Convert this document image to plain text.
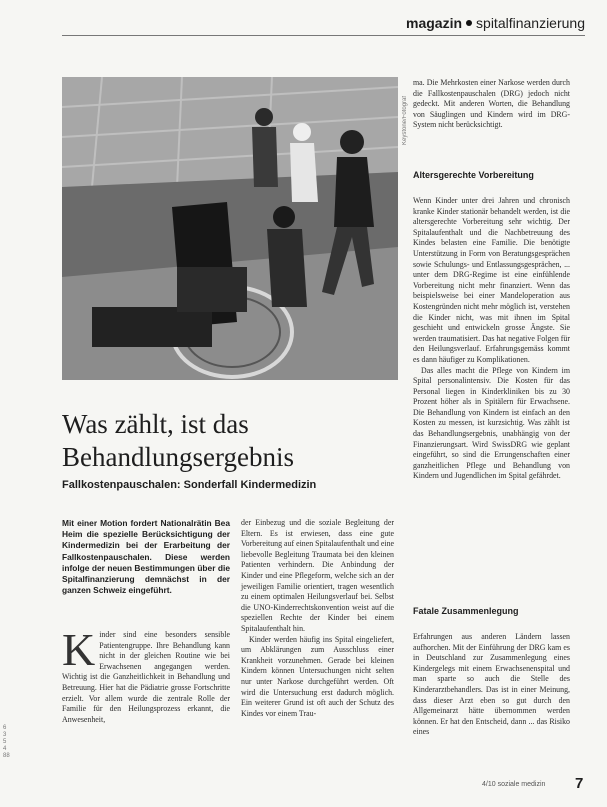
magazin spitalfinanzierung
Keystone/Fotograf
Was zählt, ist das Behandlungsergebnis
Fallkostenpauschalen: Sonderfall Kindermedizin
Mit einer Motion fordert Nationalrätin Bea Heim die spezielle Berücksichtigung der Kindermedizin bei der Erarbeitung der Fallkostenpauschalen. Diese werden infolge der neuen Bestimmungen über die Spitalfinanzierung demnächst in der ganzen Schweiz eingeführt.
K inder sind eine besonders sensible Patientengruppe. Ihre Behandlung kann nicht in der gleichen Routine wie bei Erwachsenen angegangen werden. Wichtig ist die Ganzheitlichkeit in Behandlung und Betreuung. Hier hat die Pädiatrie grosse Fortschritte erzielt. Vor allem wurde die zentrale Rolle der Familie für den Heilungsprozess erkannt, die Anwesenheit,

der Einbezug und die soziale Begleitung der Eltern. Es ist erwiesen, dass eine gute Vorbereitung auf einen Spitalaufenthalt und eine liebevolle Begleitung Traumata bei den kleinen Patienten verhindern. Die Anbindung der Kinder und eine Pflegeform, welche sich an der jeweiligen Familie orientiert, tragen wesentlich zu einem optimalen Heilungsverlauf bei. Selbst die UNO-Kinderrechtskonvention weist auf die speziellen Rechte der Kinder bei einem Spitalaufenthalt hin.

Kinder werden häufig ins Spital eingeliefert, um Abklärungen zum Ausschluss einer Krankheit vorzunehmen. Gerade bei kleinen Kindern können Untersuchungen nicht selten nur unter Narkose durchgeführt werden. Oft wird die Untersuchung erst dadurch möglich. Ein weiterer Grund ist oft auch der Schutz des Kindes vor einem Trau-

ma. Die Mehrkosten einer Narkose werden durch die Fallkostenpauschalen (DRG) jedoch nicht gedeckt. Mit anderen Worten, die Behandlung von Säuglingen und Kindern wird im DRG-System nicht berücksichtigt.

Altersgerechte Vorbereitung

Wenn Kinder unter drei Jahren und chronisch kranke Kinder stationär behandelt werden, ist die altersgerechte Vorbereitung sehr wichtig. Der Spitalaufenthalt und die Nachbetreuung des Kindes belasten eine Familie. Die benötigte Unterstützung in Form von Beratungsgesprächen sowie Schulungs- und Entlassungsgesprächen, ... unter dem DRG-Regime ist eine einfühlende Vorbereitung nicht mehr finanziert. Wenn das beispielsweise bei einer Mandeloperation aus Kostengründen nicht mehr möglich ist, verstehen die Kinder nicht, was mit ihnen im Spital geschieht und entwickeln grosse Ängste. Sie werden traumatisiert. Das hat negative Folgen für den Heilungsverlauf. Erfahrungsgemäss kommt es dann häufiger zu Komplikationen.

Das alles macht die Pflege von Kindern im Spital personalintensiv. Die Kosten für das Personal liegen in Kinderkliniken bis zu 30 Prozent höher als in Spitälern für Erwachsene. Die Behandlung von Kindern ist einfach an den Kosten zu messen, ist kurzsichtig. Was zählt ist das Behandlungsergebnis, unabhängig von der Finanzierungsart. Wird SwissDRG wie geplant eingeführt, so sind die Errungenschaften einer ganzheitlichen Pflege und Behandlung von Kindern und Jugendlichen im Spital gefährdet.

Fatale Zusammenlegung

Erfahrungen aus anderen Ländern lassen aufhorchen. Mit der Einführung der DRG kam es in Deutschland zur Zusammenlegung eines Kindergelegs mit einem Erwachsenenspital und man sparte so auch die Stelle des Kinderarztbehandlers. Das ist in einer Meinung, dass dieser Arzt eben so gut durch den Allgemeinarzt hätte übernommen werden können. Er hat den Entscheid, dann ... das Risiko eines

4/10 soziale medizin 7
6 3 5 4 88
